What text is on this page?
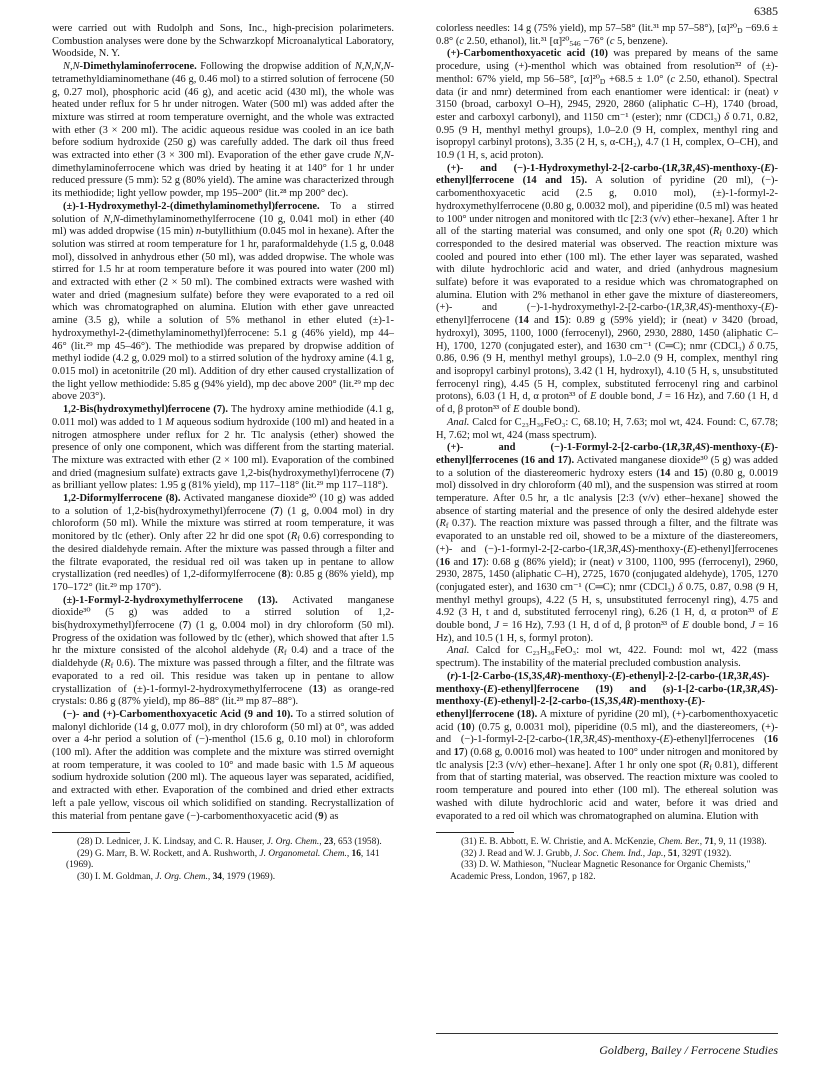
6385

were carried out with Rudolph and Sons, Inc., high-precision polarimeters. Combustion analyses were done by the Schwarzkopf Microanalytical Laboratory, Woodside, N. Y.

N,N-Dimethylaminoferrocene. Following the dropwise addition of N,N,N,N-tetramethyldiaminomethane (46 g, 0.46 mol) to a stirred solution of ferrocene (50 g, 0.27 mol), phosphoric acid (46 g), and acetic acid (430 ml), the whole was heated under reflux for 5 hr under nitrogen. Water (500 ml) was added after the mixture was stirred at room temperature overnight, and the whole was extracted with ether (3 × 200 ml). The acidic aqueous residue was cooled in an ice bath before sodium hydroxide (250 g) was carefully added. The dark oil thus freed was extracted into ether (3 × 300 ml). Evaporation of the ether gave crude N,N-dimethylaminoferrocene which was dried by heating it at 140° for 1 hr under reduced pressure (5 mm): 52 g (80% yield). The amine was characterized through its methiodide; light yellow powder, mp 195–200° (lit.²⁸ mp 200° dec).

(±)-1-Hydroxymethyl-2-(dimethylaminomethyl)ferrocene. To a stirred solution of N,N-dimethylaminomethylferrocene (10 g, 0.041 mol) in ether (40 ml) was added dropwise (15 min) n-butyllithium (0.045 mol in hexane). After the solution was stirred at room temperature for 1 hr, paraformaldehyde (1.5 g, 0.048 mol), dissolved in anhydrous ether (50 ml), was added dropwise. The whole was stirred for 1.5 hr at room temperature before it was poured into water (200 ml) and extracted with ether (2 × 50 ml). The combined extracts were washed with water and dried (magnesium sulfate) before they were evaporated to a red oil which was chromatographed on alumina. Elution with ether gave unreacted amine (3.5 g), while a solution of 5% methanol in ether eluted (±)-1-hydroxymethyl-2-(dimethylaminomethyl)ferrocene: 5.1 g (46% yield), mp 44–46° (lit.²⁹ mp 45–46°). The methiodide was prepared by dropwise addition of methyl iodide (4.2 g, 0.029 mol) to a stirred solution of the hydroxy amine (4.1 g, 0.015 mol) in acetonitrile (20 ml). Addition of dry ether caused crystallization of the light yellow methiodide: 5.85 g (94% yield), mp dec above 200° (lit.²⁹ mp dec above 203°).

1,2-Bis(hydroxymethyl)ferrocene (7). The hydroxy amine methiodide (4.1 g, 0.011 mol) was added to 1 M aqueous sodium hydroxide (100 ml) and heated in a nitrogen atmosphere under reflux for 2 hr. Tlc analysis (ether) showed the presence of only one component, which was different from the starting material. The mixture was extracted with ether (2 × 100 ml). Evaporation of the combined and dried (magnesium sulfate) extracts gave 1,2-bis(hydroxymethyl)ferrocene (7) as brilliant yellow plates: 1.95 g (81% yield), mp 117–118° (lit.²⁹ mp 117–118°).

1,2-Diformylferrocene (8). Activated manganese dioxide³⁰ (10 g) was added to a solution of 1,2-bis(hydroxymethyl)ferrocene (7) (1 g, 0.004 mol) in dry chloroform (50 ml). While the mixture was stirred at room temperature, it was monitored by tlc (ether). Only after 22 hr did one spot ($R_f$ 0.6) corresponding to the desired dialdehyde remain. After the mixture was passed through a filter and the filtrate evaporated, the residual red oil was taken up in pentane to allow crystallization (red needles) of 1,2-diformylferrocene (8): 0.85 g (86% yield), mp 170–172° (lit.²⁹ mp 170°).

(±)-1-Formyl-2-hydroxymethylferrocene (13). Activated manganese dioxide³⁰ (5 g) was added to a stirred solution of 1,2-bis(hydroxymethyl)ferrocene (7) (1 g, 0.004 mol) in dry chloroform (50 ml). Progress of the oxidation was followed by tlc (ether), which showed that after 1.5 hr the mixture consisted of the alcohol aldehyde ($R_f$ 0.4) and a trace of the dialdehyde ($R_f$ 0.6). The mixture was passed through a filter, and the filtrate was evaporated to a red oil. This residue was taken up in pentane to allow crystallization of (±)-1-formyl-2-hydroxymethylferrocene (13) as orange-red crystals: 0.86 g (87% yield), mp 86–88° (lit.²⁹ mp 87–88°).

(−)- and (+)-Carbomenthoxyacetic Acid (9 and 10). To a stirred solution of malonyl dichloride (14 g, 0.077 mol), in dry chloroform (50 ml) at 0°, was added over a 4-hr period a solution of (−)-menthol (15.6 g, 0.10 mol) in chloroform (100 ml). After the addition was complete and the mixture was stirred overnight at room temperature, it was cooled to 10° and made basic with 1.5 M aqueous sodium hydroxide solution (200 ml). The aqueous layer was separated, acidified, and extracted with ether. Evaporation of the combined and dried ether extracts left a pale yellow, viscous oil which solidified on standing. Recrystallization of this material from pentane gave (−)-carbomenthoxyacetic acid (9) as

(28) D. Lednicer, J. K. Lindsay, and C. R. Hauser, J. Org. Chem., 23, 653 (1958).

(29) G. Marr, B. W. Rockett, and A. Rushworth, J. Organometal. Chem., 16, 141 (1969).

(30) I. M. Goldman, J. Org. Chem., 34, 1979 (1969).

colorless needles: 14 g (75% yield), mp 57–58° (lit.³¹ mp 57–58°), $[\alpha]^{20}_D -69.6 \pm 0.8^\circ$ (c 2.50, ethanol), lit.³¹ $[\alpha]^{20}_{546} -76^\circ$ (c 5, benzene).

(+)-Carbomenthoxyacetic acid (10) was prepared by means of the same procedure, using (+)-menthol which was obtained from resolution³² of (±)-menthol: 67% yield, mp 56–58°, $[\alpha]^{20}_D +68.5 \pm 1.0^\circ$ (c 2.50, ethanol). Spectral data (ir and nmr) determined from each enantiomer were identical: ir (neat) ν 3150 (broad, carboxyl O–H), 2945, 2920, 2860 (aliphatic C–H), 1740 (broad, ester and carboxyl carbonyl), and 1150 cm⁻¹ (ester); nmr (CDCl₃) δ 0.71, 0.82, 0.95 (9 H, menthyl methyl groups), 1.0–2.0 (9 H, complex, menthyl ring and isopropyl carbinyl protons), 3.35 (2 H, s, α-CH₂), 4.7 (1 H, complex, O–CH), and 10.9 (1 H, s, acid proton).

(+)- and (−)-1-Hydroxymethyl-2-[2-carbo-(1R,3R,4S)-menthoxy-(E)-ethenyl]ferrocene (14 and 15). A solution of pyridine (20 ml), (−)-carbomenthoxyacetic acid (2.5 g, 0.010 mol), (±)-1-formyl-2-hydroxymethylferrocene (0.80 g, 0.0032 mol), and piperidine (0.5 ml) was heated to 100° under nitrogen and monitored with tlc [2:3 (v/v) ether–hexane]. After 1 hr all of the starting material was consumed, and only one spot ($R_f$ 0.20) which corresponded to the desired material was observed. The reaction mixture was cooled and poured into ether (100 ml). The ether layer was separated, washed with dilute hydrochloric acid and water, and dried (anhydrous magnesium sulfate) before it was evaporated to a residue which was chromatographed on alumina. Elution with 2% methanol in ether gave the mixture of diastereomers, (+)- and (−)-1-hydroxymethyl-2-[2-carbo-(1R,3R,4S)-menthoxy-(E)-ethenyl]ferrocene (14 and 15): 0.89 g (59% yield); ir (neat) ν 3420 (broad, hydroxyl), 3095, 1100, 1000 (ferrocenyl), 2960, 2930, 2880, 1450 (aliphatic C–H), 1700, 1270 (conjugated ester), and 1630 cm⁻¹ (C═C); nmr (CDCl₃) δ 0.75, 0.86, 0.96 (9 H, menthyl methyl groups), 1.0–2.0 (9 H, complex, menthyl ring and isopropyl carbinyl protons), 3.42 (1 H, hydroxyl), 4.10 (5 H, s, unsubstituted ferrocenyl ring), 4.45 (5 H, complex, substituted ferrocenyl ring and carbinol protons), 6.03 (1 H, d, α proton³³ of E double bond, J = 16 Hz), and 7.60 (1 H, d of d, β proton³³ of E double bond).

Anal. Calcd for C₂₃H₃₀FeO₃: C, 68.10; H, 7.63; mol wt, 424. Found: C, 67.78; H, 7.62; mol wt, 424 (mass spectrum).

(+)- and (−)-1-Formyl-2-[2-carbo-(1R,3R,4S)-menthoxy-(E)-ethenyl]ferrocenes (16 and 17). Activated manganese dioxide³⁰ (5 g) was added to a solution of the diastereomeric hydroxy esters (14 and 15) (0.80 g, 0.0019 mol) dissolved in dry chloroform (40 ml), and the suspension was stirred at room temperature. After 0.5 hr, a tlc analysis [2:3 (v/v) ether–hexane] showed the absence of starting material and the presence of only the desired aldehyde ester ($R_f$ 0.37). The reaction mixture was passed through a filter, and the filtrate was evaporated to an unstable red oil, showed to be a mixture of the diastereomers, (+)- and (−)-1-formyl-2-[2-carbo-(1R,3R,4S)-menthoxy-(E)-ethenyl]ferrocenes (16 and 17): 0.68 g (86% yield); ir (neat) ν 3100, 1100, 995 (ferrocenyl), 2960, 2930, 2875, 1450 (aliphatic C–H), 2725, 1670 (conjugated aldehyde), 1705, 1270 (conjugated ester), and 1630 cm⁻¹ (C═C); nmr (CDCl₃) δ 0.75, 0.87, 0.98 (9 H, menthyl methyl groups), 4.22 (5 H, s, unsubstituted ferrocenyl ring), 4.75 and 4.92 (3 H, t and d, substituted ferrocenyl ring), 6.26 (1 H, d, α proton³³ of E double bond, J = 16 Hz), 7.93 (1 H, d of d, β proton³³ of E double bond, J = 16 Hz), and 10.5 (1 H, s, formyl proton).

Anal. Calcd for C₂₃H₃₀FeO₃: mol wt, 422. Found: mol wt, 422 (mass spectrum). The instability of the material precluded combustion analysis.

(r)-1-[2-Carbo-(1S,3S,4R)-menthoxy-(E)-ethenyl]-2-[2-carbo-(1R,3R,4S)-menthoxy-(E)-ethenyl]ferrocene (19) and (s)-1-[2-carbo-(1R,3R,4S)-menthoxy-(E)-ethenyl]-2-[2-carbo-(1S,3S,4R)-menthoxy-(E)-ethenyl]ferrocene (18). A mixture of pyridine (20 ml), (+)-carbomenthoxyacetic acid (10) (0.75 g, 0.0031 mol), piperidine (0.5 ml), and the diastereomers, (+)- and (−)-1-formyl-2-[2-carbo-(1R,3R,4S)-menthoxy-(E)-ethenyl]ferrocenes (16 and 17) (0.68 g, 0.0016 mol) was heated to 100° under nitrogen and monitored by tlc analysis [2:3 (v/v) ether–hexane]. After 1 hr only one spot ($R_f$ 0.81), different from that of starting material, was observed. The reaction mixture was cooled to room temperature and poured into ether (100 ml). The ethereal solution was washed with dilute hydrochloric acid and water, before it was dried and evaporated to a red oil which was chromatographed on alumina. Elution with

(31) E. B. Abbott, E. W. Christie, and A. McKenzie, Chem. Ber., 71, 9, 11 (1938).

(32) J. Read and W. J. Grubb, J. Soc. Chem. Ind., Jap., 51, 329T (1932).

(33) D. W. Mathieson, "Nuclear Magnetic Resonance for Organic Chemists," Academic Press, London, 1967, p 182.

Goldberg, Bailey / Ferrocene Studies
